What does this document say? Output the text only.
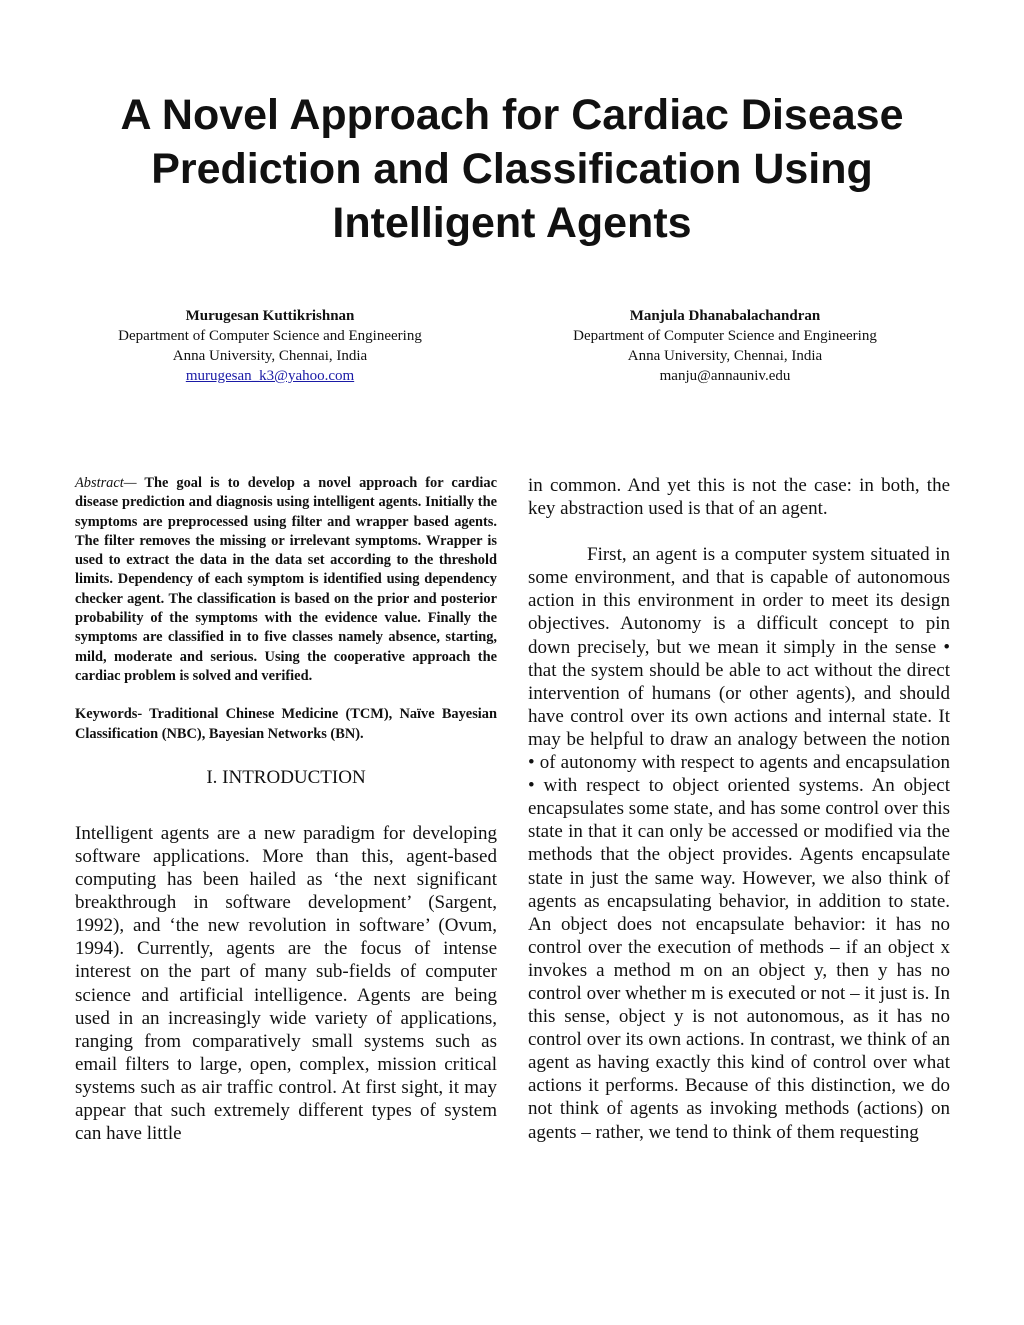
A Novel Approach for Cardiac Disease
Prediction and Classification Using
Intelligent Agents
Murugesan Kuttikrishnan
Department of Computer Science and Engineering
Anna University, Chennai, India
murugesan_k3@yahoo.com
Manjula Dhanabalachandran
Department of Computer Science and Engineering
Anna University, Chennai, India
manju@annauniv.edu

Abstract— The goal is to develop a novel approach for cardiac disease prediction and diagnosis using intelligent agents. Initially the symptoms are preprocessed using filter and wrapper based agents. The filter removes the missing or irrelevant symptoms. Wrapper is used to extract the data in the data set according to the threshold limits. Dependency of each symptom is identified using dependency checker agent. The classification is based on the prior and posterior probability of the symptoms with the evidence value. Finally the symptoms are classified in to five classes namely absence, starting, mild, moderate and serious. Using the cooperative approach the cardiac problem is solved and verified.

Keywords- Traditional Chinese Medicine (TCM), Naïve Bayesian Classification (NBC), Bayesian Networks (BN).

I. INTRODUCTION

Intelligent agents are a new paradigm for developing software applications. More than this, agent-based computing has been hailed as ‘the next significant breakthrough in software development’ (Sargent, 1992), and ‘the new revolution in software’ (Ovum, 1994). Currently, agents are the focus of intense interest on the part of many sub-fields of computer science and artificial intelligence. Agents are being used in an increasingly wide variety of applications, ranging from comparatively small systems such as email filters to large, open, complex, mission critical systems such as air traffic control. At first sight, it may appear that such extremely different types of system can have little

in common. And yet this is not the case: in both, the key abstraction used is that of an agent.

First, an agent is a computer system situated in some environment, and that is capable of autonomous action in this environment in order to meet its design objectives. Autonomy is a difficult concept to pin down precisely, but we mean it simply in the sense • that the system should be able to act without the direct intervention of humans (or other agents), and should have control over its own actions and internal state. It may be helpful to draw an analogy between the notion • of autonomy with respect to agents and encapsulation • with respect to object oriented systems. An object encapsulates some state, and has some control over this state in that it can only be accessed or modified via the methods that the object provides. Agents encapsulate state in just the same way. However, we also think of agents as encapsulating behavior, in addition to state. An object does not encapsulate behavior: it has no control over the execution of methods – if an object x invokes a method m on an object y, then y has no control over whether m is executed or not – it just is. In this sense, object y is not autonomous, as it has no control over its own actions. In contrast, we think of an agent as having exactly this kind of control over what actions it performs. Because of this distinction, we do not think of agents as invoking methods (actions) on agents – rather, we tend to think of them requesting
